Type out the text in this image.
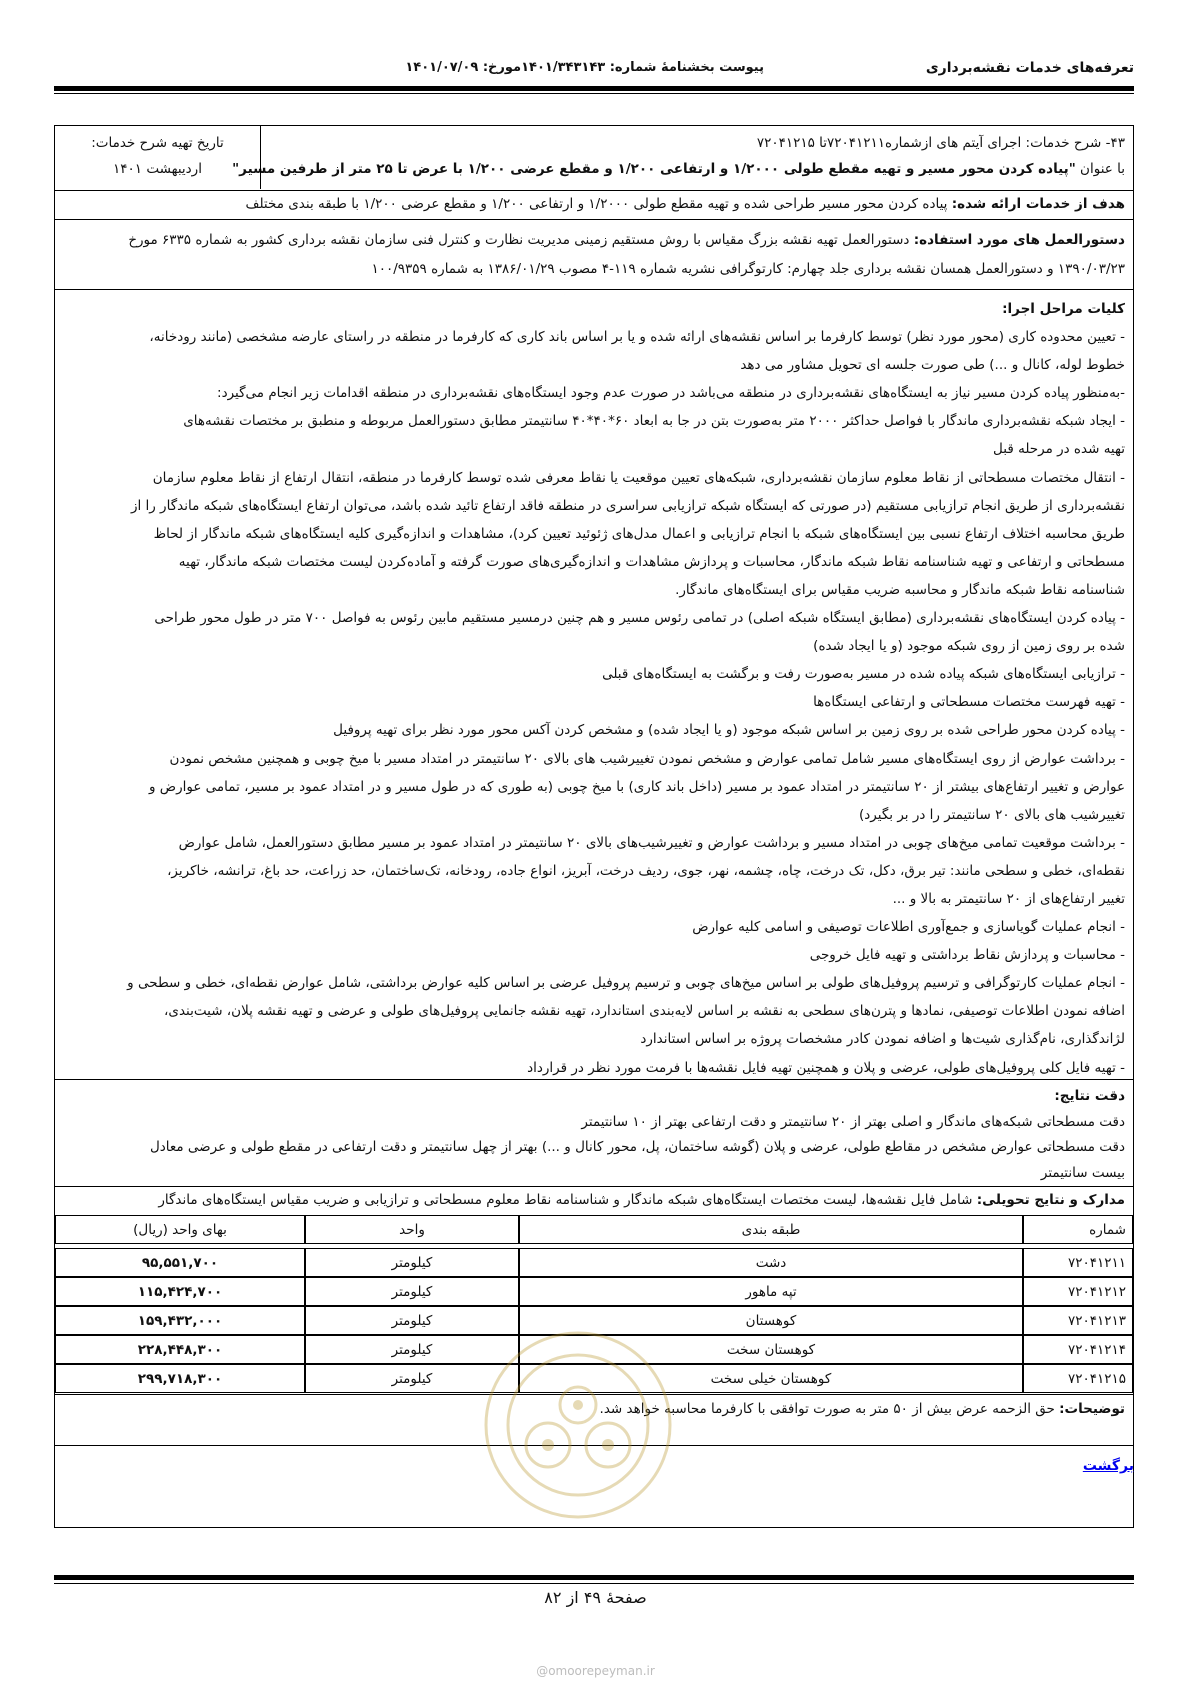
تعرفه‌های خدمات نقشه‌برداری
پیوست بخشنامهٔ شماره: ۱۴۰۱/۳۴۳۱۴۳مورخ: ۱۴۰۱/۰۷/۰۹
۴۳- شرح خدمات: اجرای آیتم های ازشماره۷۲۰۴۱۲۱۱تا ۷۲۰۴۱۲۱۵
با عنوان "پیاده کردن محور مسیر و تهیه مقطع طولی ۱/۲۰۰۰ و ارتفاعی ۱/۲۰۰ و مقطع عرضی ۱/۲۰۰ با عرض تا ۲۵ متر از طرفین مسیر"
تاریخ تهیه شرح خدمات:
اردیبهشت ۱۴۰۱
هدف از خدمات ارائه شده: پیاده کردن محور مسیر طراحی شده و تهیه مقطع طولی ۱/۲۰۰۰ و ارتفاعی ۱/۲۰۰ و مقطع عرضی ۱/۲۰۰ با طبقه بندی مختلف
دستورالعمل های مورد استفاده: دستورالعمل تهیه نقشه بزرگ مقیاس با روش مستقیم زمینی مدیریت نظارت و کنترل فنی سازمان نقشه برداری کشور به شماره ۶۳۳۵ مورخ
۱۳۹۰/۰۳/۲۳ و دستورالعمل همسان نقشه برداری جلد چهارم: کارتوگرافی نشریه شماره ۱۱۹-۴ مصوب ۱۳۸۶/۰۱/۲۹ به شماره ۱۰۰/۹۳۵۹
کلیات مراحل اجرا:
- تعیین محدوده کاری (محور مورد نظر) توسط کارفرما بر اساس نقشه‌های ارائه شده و یا بر اساس باند کاری که کارفرما در منطقه در راستای عارضه مشخصی (مانند رودخانه،
خطوط لوله، کانال و ...) طی صورت جلسه ای تحویل مشاور می دهد
-به‌منظور پیاده کردن مسیر نیاز به ایستگاه‌های نقشه‌برداری در منطقه می‌باشد در صورت عدم وجود ایستگاه‌های نقشه‌برداری در منطقه اقدامات زیر انجام می‌گیرد:
- ایجاد شبکه نقشه‌برداری ماندگار با فواصل حداکثر ۲۰۰۰ متر به‌صورت بتن در جا به ابعاد ۶۰*۴۰*۴۰ سانتیمتر مطابق دستورالعمل مربوطه و منطبق بر مختصات نقشه‌های
تهیه شده در مرحله قبل
- انتقال مختصات مسطحاتی از نقاط معلوم سازمان نقشه‌برداری، شبکه‌های تعیین موقعیت یا نقاط معرفی شده توسط کارفرما در منطقه، انتقال ارتفاع از نقاط معلوم سازمان
نقشه‌برداری از طریق انجام ترازیابی مستقیم (در صورتی که ایستگاه شبکه ترازیابی سراسری در منطقه فاقد ارتفاع تائید شده باشد، می‌توان ارتفاع ایستگاه‌های شبکه ماندگار را از
طریق محاسبه اختلاف ارتفاع نسبی بین ایستگاه‌های شبکه با انجام ترازیابی و اعمال مدل‌های ژئوئید تعیین کرد)، مشاهدات و اندازه‌گیری کلیه ایستگاه‌های شبکه ماندگار از لحاظ
مسطحاتی و ارتفاعی و تهیه شناسنامه نقاط شبکه ماندگار، محاسبات و پردازش مشاهدات و اندازه‌گیری‌های صورت گرفته و آماده‌کردن لیست مختصات شبکه ماندگار، تهیه
شناسنامه نقاط شبکه ماندگار و محاسبه ضریب مقیاس برای ایستگاه‌های ماندگار.
- پیاده کردن ایستگاه‌های نقشه‌برداری (مطابق ایستگاه شبکه اصلی) در تمامی رئوس مسیر و هم چنین درمسیر مستقیم مابین رئوس به فواصل ۷۰۰ متر در طول محور طراحی
شده بر روی زمین از روی شبکه موجود (و یا ایجاد شده)
- ترازیابی ایستگاه‌های شبکه پیاده شده در مسیر به‌صورت رفت و برگشت به ایستگاه‌های قبلی
- تهیه فهرست مختصات مسطحاتی و ارتفاعی ایستگاه‌ها
- پیاده کردن محور طراحی شده بر روی زمین بر اساس شبکه موجود (و یا ایجاد شده) و مشخص کردن آکس محور مورد نظر برای تهیه پروفیل
- برداشت عوارض از روی ایستگاه‌های مسیر شامل تمامی عوارض و مشخص نمودن تغییرشیب های بالای ۲۰ سانتیمتر در امتداد مسیر با میخ چوبی و همچنین مشخص نمودن
عوارض و تغییر ارتفاع‌های بیشتر از ۲۰ سانتیمتر در امتداد عمود بر مسیر (داخل باند کاری) با میخ چوبی (به طوری که در طول مسیر و در امتداد عمود بر مسیر، تمامی عوارض و
تغییرشیب های بالای ۲۰ سانتیمتر را در بر بگیرد)
- برداشت موقعیت تمامی میخ‌های چوبی در امتداد مسیر و برداشت عوارض و تغییرشیب‌های بالای ۲۰ سانتیمتر در امتداد عمود بر مسیر مطابق دستورالعمل، شامل عوارض
نقطه‌ای، خطی و سطحی مانند: تیر برق، دکل، تک درخت، چاه، چشمه، نهر، جوی، ردیف درخت، آبریز، انواع جاده، رودخانه، تک‌ساختمان، حد زراعت، حد باغ، ترانشه، خاکریز،
تغییر ارتفاع‌های از ۲۰ سانتیمتر به بالا و ...
- انجام عملیات گویاسازی و جمع‌آوری اطلاعات توصیفی و اسامی کلیه عوارض
- محاسبات و پردازش نقاط برداشتی و تهیه فایل خروجی
- انجام عملیات کارتوگرافی و ترسیم پروفیل‌های طولی بر اساس میخ‌های چوبی و ترسیم پروفیل عرضی بر اساس کلیه عوارض برداشتی، شامل عوارض نقطه‌ای، خطی و سطحی و
اضافه نمودن اطلاعات توصیفی، نمادها و پترن‌های سطحی به نقشه بر اساس لایه‌بندی استاندارد، تهیه نقشه جانمایی پروفیل‌های طولی و عرضی و تهیه نقشه پلان، شیت‌بندی،
لژاندگذاری، نام‌گذاری شیت‌ها و اضافه نمودن کادر مشخصات پروژه بر اساس استاندارد
- تهیه فایل کلی پروفیل‌های طولی، عرضی و پلان و همچنین تهیه فایل نقشه‌ها با فرمت مورد نظر در قرارداد
دقت نتایج:
دقت مسطحاتی شبکه‌های ماندگار و اصلی بهتر از ۲۰ سانتیمتر و دقت ارتفاعی بهتر از ۱۰ سانتیمتر
دقت مسطحاتی عوارض مشخص در مقاطع طولی، عرضی و پلان (گوشه ساختمان، پل، محور کانال و ...) بهتر از چهل سانتیمتر و دقت ارتفاعی در مقطع طولی و عرضی معادل
بیست سانتیمتر
مدارک و نتایج تحویلی: شامل فایل نقشه‌ها، لیست مختصات ایستگاه‌های شبکه ماندگار و شناسنامه نقاط معلوم مسطحاتی و ترازیابی و ضریب مقیاس ایستگاه‌های ماندگار
شماره	طبقه بندی	واحد	بهای واحد (ریال)

۷۲۰۴۱۲۱۱	دشت	کیلومتر	۹۵,۵۵۱,۷۰۰
۷۲۰۴۱۲۱۲	تپه ماهور	کیلومتر	۱۱۵,۴۲۴,۷۰۰
۷۲۰۴۱۲۱۳	کوهستان	کیلومتر	۱۵۹,۴۳۲,۰۰۰
۷۲۰۴۱۲۱۴	کوهستان سخت	کیلومتر	۲۲۸,۴۴۸,۳۰۰
۷۲۰۴۱۲۱۵	کوهستان خیلی سخت	کیلومتر	۲۹۹,۷۱۸,۳۰۰
توضیحات: حق الزحمه عرض بیش از ۵۰ متر به صورت توافقی با کارفرما محاسبه خواهد شد.
برگشت
صفحهٔ ۴۹ از ۸۲
@omoorepeyman.ir
